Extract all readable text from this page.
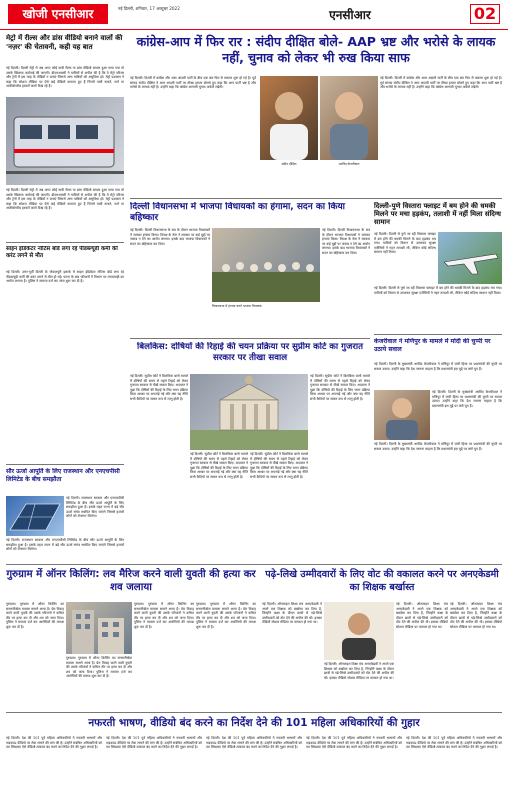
खोजी एनसीआर	नई दिल्ली, शनिवार, 17 अक्टूबर 2022	एनसीआर	02
मेट्रो में रील्स और डांस वीडियो बनाने वालों की 'नज़र' की चेतावनी, कही यह बात
नई दिल्ली। दिल्ली मेट्रो में अब अगर कोई यात्री रील्स या डांस वीडियो बनाता हुआ पाया गया तो उसके खिलाफ कार्रवाई की जाएगी। डीएमआरसी ने यात्रियों से अपील की है कि वे मेट्रो परिसर और ट्रेनों में इस तरह के वीडियो न बनाएं जिससे अन्य यात्रियों को असुविधा हो। मेट्रो प्रशासन ने कहा कि सोशल मीडिया पर ऐसे कई वीडियो वायरल हुए हैं जिनमें यात्री नाचते, गाते या अजीबोगरीब हरकतें करते दिख रहे हैं।
नई दिल्ली। दिल्ली मेट्रो में अब अगर कोई यात्री रील्स या डांस वीडियो बनाता हुआ पाया गया तो उसके खिलाफ कार्रवाई की जाएगी। डीएमआरसी ने यात्रियों से अपील की है कि वे मेट्रो परिसर और ट्रेनों में इस तरह के वीडियो न बनाएं जिससे अन्य यात्रियों को असुविधा हो। मेट्रो प्रशासन ने कहा कि सोशल मीडिया पर ऐसे कई वीडियो वायरल हुए हैं जिनमें यात्री नाचते, गाते या अजीबोगरीब हरकतें करते दिख रहे हैं।
साइन इंडिकेटर नोटिस बोर्ड लगा रहे पीडब्ल्यूडी कर्मी की करंट लगने से मौत
नई दिल्ली। उत्तर-पूर्वी दिल्ली के गोकलपुरी इलाके में साइन इंडिकेटर नोटिस बोर्ड लगा रहे पीडब्ल्यूडी कर्मी की करंट लगने से मौत हो गई। घटना के बाद परिजनों ने विभाग पर लापरवाही का आरोप लगाया है। पुलिस ने मामला दर्ज कर जांच शुरू कर दी है।
सौर ऊर्जा आपूर्ति के लिए राजस्थान और एनएचपीसी लिमिटेड के बीच समझौता
नई दिल्ली। राजस्थान सरकार और एनएचपीसी लिमिटेड के बीच सौर ऊर्जा आपूर्ति के लिए समझौता हुआ है। इसके तहत राज्य में बड़े सौर ऊर्जा संयंत्र स्थापित किए जाएंगे जिससे हजारों लोगों को रोजगार मिलेगा।
नई दिल्ली। राजस्थान सरकार और एनएचपीसी लिमिटेड के बीच सौर ऊर्जा आपूर्ति के लिए समझौता हुआ है। इसके तहत राज्य में बड़े सौर ऊर्जा संयंत्र स्थापित किए जाएंगे जिससे हजारों लोगों को रोजगार मिलेगा।
कांग्रेस-आप में फिर रार : संदीप दीक्षित बोले- AAP भ्रष्ट और भरोसे के लायक नहीं, चुनाव को लेकर भी रुख किया साफ
नई दिल्ली। दिल्ली में कांग्रेस और आम आदमी पार्टी के बीच एक बार फिर से तकरार शुरू हो गई है। पूर्व सांसद संदीप दीक्षित ने आम आदमी पार्टी पर तीखा हमला बोलते हुए कहा कि आप पार्टी भ्रष्ट है और भरोसे के लायक नहीं है। उन्होंने कहा कि कांग्रेस आगामी चुनाव अकेले लड़ेगी।
संदीप दीक्षित	अरविंद केजरीवाल
नई दिल्ली। दिल्ली में कांग्रेस और आम आदमी पार्टी के बीच एक बार फिर से तकरार शुरू हो गई है। पूर्व सांसद संदीप दीक्षित ने आम आदमी पार्टी पर तीखा हमला बोलते हुए कहा कि आप पार्टी भ्रष्ट है और भरोसे के लायक नहीं है। उन्होंने कहा कि कांग्रेस आगामी चुनाव अकेले लड़ेगी।
दिल्ली विधानसभा में भाजपा विधायकों का हंगामा, सदन का किया बहिष्कार
नई दिल्ली। दिल्ली विधानसभा के सत्र के दौरान भाजपा विधायकों ने जमकर हंगामा किया। विपक्ष के नेता ने सरकार पर कई मुद्दों पर जवाब न देने का आरोप लगाया। इसके बाद भाजपा विधायकों ने सदन का बहिष्कार कर दिया।
विधानसभा में हंगामा करते भाजपा विधायक
नई दिल्ली। दिल्ली विधानसभा के सत्र के दौरान भाजपा विधायकों ने जमकर हंगामा किया। विपक्ष के नेता ने सरकार पर कई मुद्दों पर जवाब न देने का आरोप लगाया। इसके बाद भाजपा विधायकों ने सदन का बहिष्कार कर दिया।
दिल्ली-पुणे विस्तारा फ्लाइट में बम होने की धमकी मिलने पर मचा हड़कंप, तलाशी में नहीं मिला संदिग्ध सामान
नई दिल्ली। दिल्ली से पुणे जा रही विस्तारा फ्लाइट में बम होने की धमकी मिलने के बाद हड़कंप मच गया। यात्रियों को विमान से उतारकर सुरक्षा एजेंसियों ने गहन तलाशी ली, लेकिन कोई संदिग्ध सामान नहीं मिला।
नई दिल्ली। दिल्ली से पुणे जा रही विस्तारा फ्लाइट में बम होने की धमकी मिलने के बाद हड़कंप मच गया। यात्रियों को विमान से उतारकर सुरक्षा एजेंसियों ने गहन तलाशी ली, लेकिन कोई संदिग्ध सामान नहीं मिला।
केजरीवाल ने मणिपुर के मामले में मोदी की चुप्पी पर उठाये सवाल
नई दिल्ली। दिल्ली के मुख्यमंत्री अरविंद केजरीवाल ने मणिपुर में जारी हिंसा पर प्रधानमंत्री की चुप्पी पर सवाल उठाए। उन्होंने कहा कि देश जानना चाहता है कि प्रधानमंत्री इस मुद्दे पर क्यों चुप हैं।
नई दिल्ली। दिल्ली के मुख्यमंत्री अरविंद केजरीवाल ने मणिपुर में जारी हिंसा पर प्रधानमंत्री की चुप्पी पर सवाल उठाए। उन्होंने कहा कि देश जानना चाहता है कि प्रधानमंत्री इस मुद्दे पर क्यों चुप हैं।
नई दिल्ली। दिल्ली के मुख्यमंत्री अरविंद केजरीवाल ने मणिपुर में जारी हिंसा पर प्रधानमंत्री की चुप्पी पर सवाल उठाए। उन्होंने कहा कि देश जानना चाहता है कि प्रधानमंत्री इस मुद्दे पर क्यों चुप हैं।
बिलकिस: दोषियों की रिहाई की चयन प्रक्रिया पर सुप्रीम कोर्ट का गुजरात सरकार पर तीखा सवाल
नई दिल्ली। सुप्रीम कोर्ट ने बिलकिस बानो मामले में दोषियों की समय से पहले रिहाई को लेकर गुजरात सरकार से तीखे सवाल किए। अदालत ने पूछा कि दोषियों की रिहाई के लिए चयन प्रक्रिया किस आधार पर अपनाई गई और क्या यह नीति सभी कैदियों पर समान रूप से लागू होती है।
नई दिल्ली। सुप्रीम कोर्ट ने बिलकिस बानो मामले में दोषियों की समय से पहले रिहाई को लेकर गुजरात सरकार से तीखे सवाल किए। अदालत ने पूछा कि दोषियों की रिहाई के लिए चयन प्रक्रिया किस आधार पर अपनाई गई और क्या यह नीति सभी कैदियों पर समान रूप से लागू होती है।
नई दिल्ली। सुप्रीम कोर्ट ने बिलकिस बानो मामले में दोषियों की समय से पहले रिहाई को लेकर गुजरात सरकार से तीखे सवाल किए। अदालत ने पूछा कि दोषियों की रिहाई के लिए चयन प्रक्रिया किस आधार पर अपनाई गई और क्या यह नीति सभी कैदियों पर समान रूप से लागू होती है।
नई दिल्ली। सुप्रीम कोर्ट ने बिलकिस बानो मामले में दोषियों की समय से पहले रिहाई को लेकर गुजरात सरकार से तीखे सवाल किए। अदालत ने पूछा कि दोषियों की रिहाई के लिए चयन प्रक्रिया किस आधार पर अपनाई गई और क्या यह नीति सभी कैदियों पर समान रूप से लागू होती है।
गुरुग्राम में ऑनर किलिंग: लव मैरिज करने वाली युवती की हत्या कर शव जलाया
गुरुग्राम। गुरुग्राम में ऑनर किलिंग का सनसनीखेज मामला सामने आया है। प्रेम विवाह करने वाली युवती की उसके परिजनों ने कथित तौर पर हत्या कर दी और शव को जला दिया। पुलिस ने मामला दर्ज कर आरोपियों की तलाश शुरू कर दी है।
गुरुग्राम। गुरुग्राम में ऑनर किलिंग का सनसनीखेज मामला सामने आया है। प्रेम विवाह करने वाली युवती की उसके परिजनों ने कथित तौर पर हत्या कर दी और शव को जला दिया। पुलिस ने मामला दर्ज कर आरोपियों की तलाश शुरू कर दी है।
गुरुग्राम। गुरुग्राम में ऑनर किलिंग का सनसनीखेज मामला सामने आया है। प्रेम विवाह करने वाली युवती की उसके परिजनों ने कथित तौर पर हत्या कर दी और शव को जला दिया। पुलिस ने मामला दर्ज कर आरोपियों की तलाश शुरू कर दी है।
गुरुग्राम। गुरुग्राम में ऑनर किलिंग का सनसनीखेज मामला सामने आया है। प्रेम विवाह करने वाली युवती की उसके परिजनों ने कथित तौर पर हत्या कर दी और शव को जला दिया। पुलिस ने मामला दर्ज कर आरोपियों की तलाश शुरू कर दी है।
पढ़े-लिखे उम्मीदवारों के लिए वोट की वकालत करने पर अनएकेडमी का शिक्षक बर्खास्त
नई दिल्ली। ऑनलाइन शिक्षा मंच अनएकेडमी ने अपने एक शिक्षक को बर्खास्त कर दिया है, जिन्होंने कक्षा के दौरान छात्रों से पढ़े-लिखे उम्मीदवारों को वोट देने की अपील की थी। इसका वीडियो सोशल मीडिया पर वायरल हो गया था।
नई दिल्ली। ऑनलाइन शिक्षा मंच अनएकेडमी ने अपने एक शिक्षक को बर्खास्त कर दिया है, जिन्होंने कक्षा के दौरान छात्रों से पढ़े-लिखे उम्मीदवारों को वोट देने की अपील की थी। इसका वीडियो सोशल मीडिया पर वायरल हो गया था।
नई दिल्ली। ऑनलाइन शिक्षा मंच अनएकेडमी ने अपने एक शिक्षक को बर्खास्त कर दिया है, जिन्होंने कक्षा के दौरान छात्रों से पढ़े-लिखे उम्मीदवारों को वोट देने की अपील की थी। इसका वीडियो सोशल मीडिया पर वायरल हो गया था।
नई दिल्ली। ऑनलाइन शिक्षा मंच अनएकेडमी ने अपने एक शिक्षक को बर्खास्त कर दिया है, जिन्होंने कक्षा के दौरान छात्रों से पढ़े-लिखे उम्मीदवारों को वोट देने की अपील की थी। इसका वीडियो सोशल मीडिया पर वायरल हो गया था।
नफरती भाषण, वीडियो बंद करने का निर्देश देने की 101 महिला अधिकारियों की गुहार
नई दिल्ली। देश की 101 पूर्व महिला अधिकारियों ने नफरती भाषणों और भड़काऊ वीडियो पर रोक लगाने की मांग की है। उन्होंने संबंधित अधिकारियों को पत्र लिखकर ऐसे वीडियो तत्काल बंद करने का निर्देश देने की गुहार लगाई है।
नई दिल्ली। देश की 101 पूर्व महिला अधिकारियों ने नफरती भाषणों और भड़काऊ वीडियो पर रोक लगाने की मांग की है। उन्होंने संबंधित अधिकारियों को पत्र लिखकर ऐसे वीडियो तत्काल बंद करने का निर्देश देने की गुहार लगाई है।
नई दिल्ली। देश की 101 पूर्व महिला अधिकारियों ने नफरती भाषणों और भड़काऊ वीडियो पर रोक लगाने की मांग की है। उन्होंने संबंधित अधिकारियों को पत्र लिखकर ऐसे वीडियो तत्काल बंद करने का निर्देश देने की गुहार लगाई है।
नई दिल्ली। देश की 101 पूर्व महिला अधिकारियों ने नफरती भाषणों और भड़काऊ वीडियो पर रोक लगाने की मांग की है। उन्होंने संबंधित अधिकारियों को पत्र लिखकर ऐसे वीडियो तत्काल बंद करने का निर्देश देने की गुहार लगाई है।
नई दिल्ली। देश की 101 पूर्व महिला अधिकारियों ने नफरती भाषणों और भड़काऊ वीडियो पर रोक लगाने की मांग की है। उन्होंने संबंधित अधिकारियों को पत्र लिखकर ऐसे वीडियो तत्काल बंद करने का निर्देश देने की गुहार लगाई है।
